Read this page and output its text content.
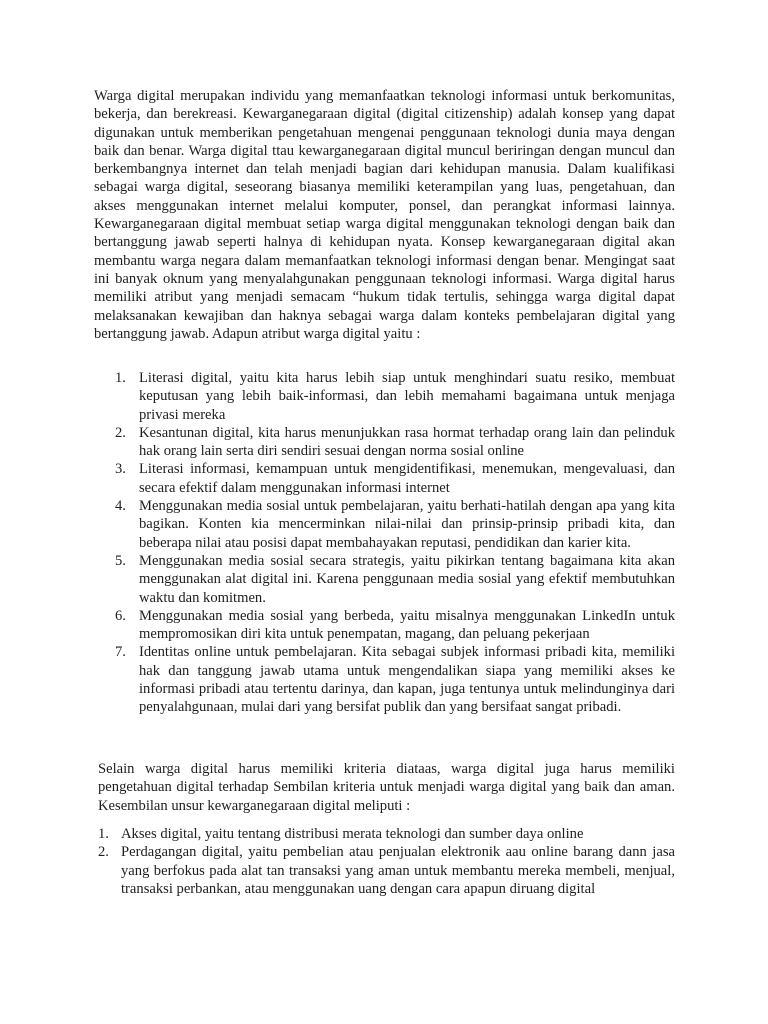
Warga digital merupakan individu yang memanfaatkan teknologi informasi untuk berkomunitas, bekerja, dan berekreasi. Kewarganegaraan digital (digital citizenship) adalah konsep yang dapat digunakan untuk memberikan pengetahuan mengenai penggunaan teknologi dunia maya dengan baik dan benar. Warga digital ttau kewarganegaraan digital muncul beriringan dengan muncul dan berkembangnya internet dan telah menjadi bagian dari kehidupan manusia. Dalam kualifikasi sebagai warga digital, seseorang biasanya memiliki keterampilan yang luas, pengetahuan, dan akses menggunakan internet melalui komputer, ponsel, dan perangkat informasi lainnya. Kewarganegaraan digital membuat setiap warga digital menggunakan teknologi dengan baik dan bertanggung jawab seperti halnya di kehidupan nyata. Konsep kewarganegaraan digital akan membantu warga negara dalam memanfaatkan teknologi informasi dengan benar. Mengingat saat ini banyak oknum yang menyalahgunakan penggunaan teknologi informasi. Warga digital harus memiliki atribut yang menjadi semacam “hukum tidak tertulis, sehingga warga digital dapat melaksanakan kewajiban dan haknya sebagai warga dalam konteks pembelajaran digital yang bertanggung jawab. Adapun atribut warga digital yaitu :

1. Literasi digital, yaitu kita harus lebih siap untuk menghindari suatu resiko, membuat keputusan yang lebih baik-informasi, dan lebih memahami bagaimana untuk menjaga privasi mereka
2. Kesantunan digital, kita harus menunjukkan rasa hormat terhadap orang lain dan pelinduk hak orang lain serta diri sendiri sesuai dengan norma sosial online
3. Literasi informasi, kemampuan untuk mengidentifikasi, menemukan, mengevaluasi, dan secara efektif dalam menggunakan informasi internet
4. Menggunakan media sosial untuk pembelajaran, yaitu berhati-hatilah dengan apa yang kita bagikan. Konten kia mencerminkan nilai-nilai dan prinsip-prinsip pribadi kita, dan beberapa nilai atau posisi dapat membahayakan reputasi, pendidikan dan karier kita.
5. Menggunakan media sosial secara strategis, yaitu pikirkan tentang bagaimana kita akan menggunakan alat digital ini. Karena penggunaan media sosial yang efektif membutuhkan waktu dan komitmen.
6. Menggunakan media sosial yang berbeda, yaitu misalnya menggunakan LinkedIn untuk mempromosikan diri kita untuk penempatan, magang, dan peluang pekerjaan
7. Identitas online untuk pembelajaran. Kita sebagai subjek informasi pribadi kita, memiliki hak dan tanggung jawab utama untuk mengendalikan siapa yang memiliki akses ke informasi pribadi atau tertentu darinya, dan kapan, juga tentunya untuk melindunginya dari penyalahgunaan, mulai dari yang bersifat publik dan yang bersifaat sangat pribadi.

Selain warga digital harus memiliki kriteria diataas, warga digital juga harus memiliki pengetahuan digital terhadap Sembilan kriteria untuk menjadi warga digital yang baik dan aman. Kesembilan unsur kewarganegaraan digital meliputi :

1. Akses digital, yaitu tentang distribusi merata teknologi dan sumber daya online
2. Perdagangan digital, yaitu pembelian atau penjualan elektronik aau online barang dann jasa yang berfokus pada alat tan transaksi yang aman untuk membantu mereka membeli, menjual, transaksi perbankan, atau menggunakan uang dengan cara apapun diruang digital
